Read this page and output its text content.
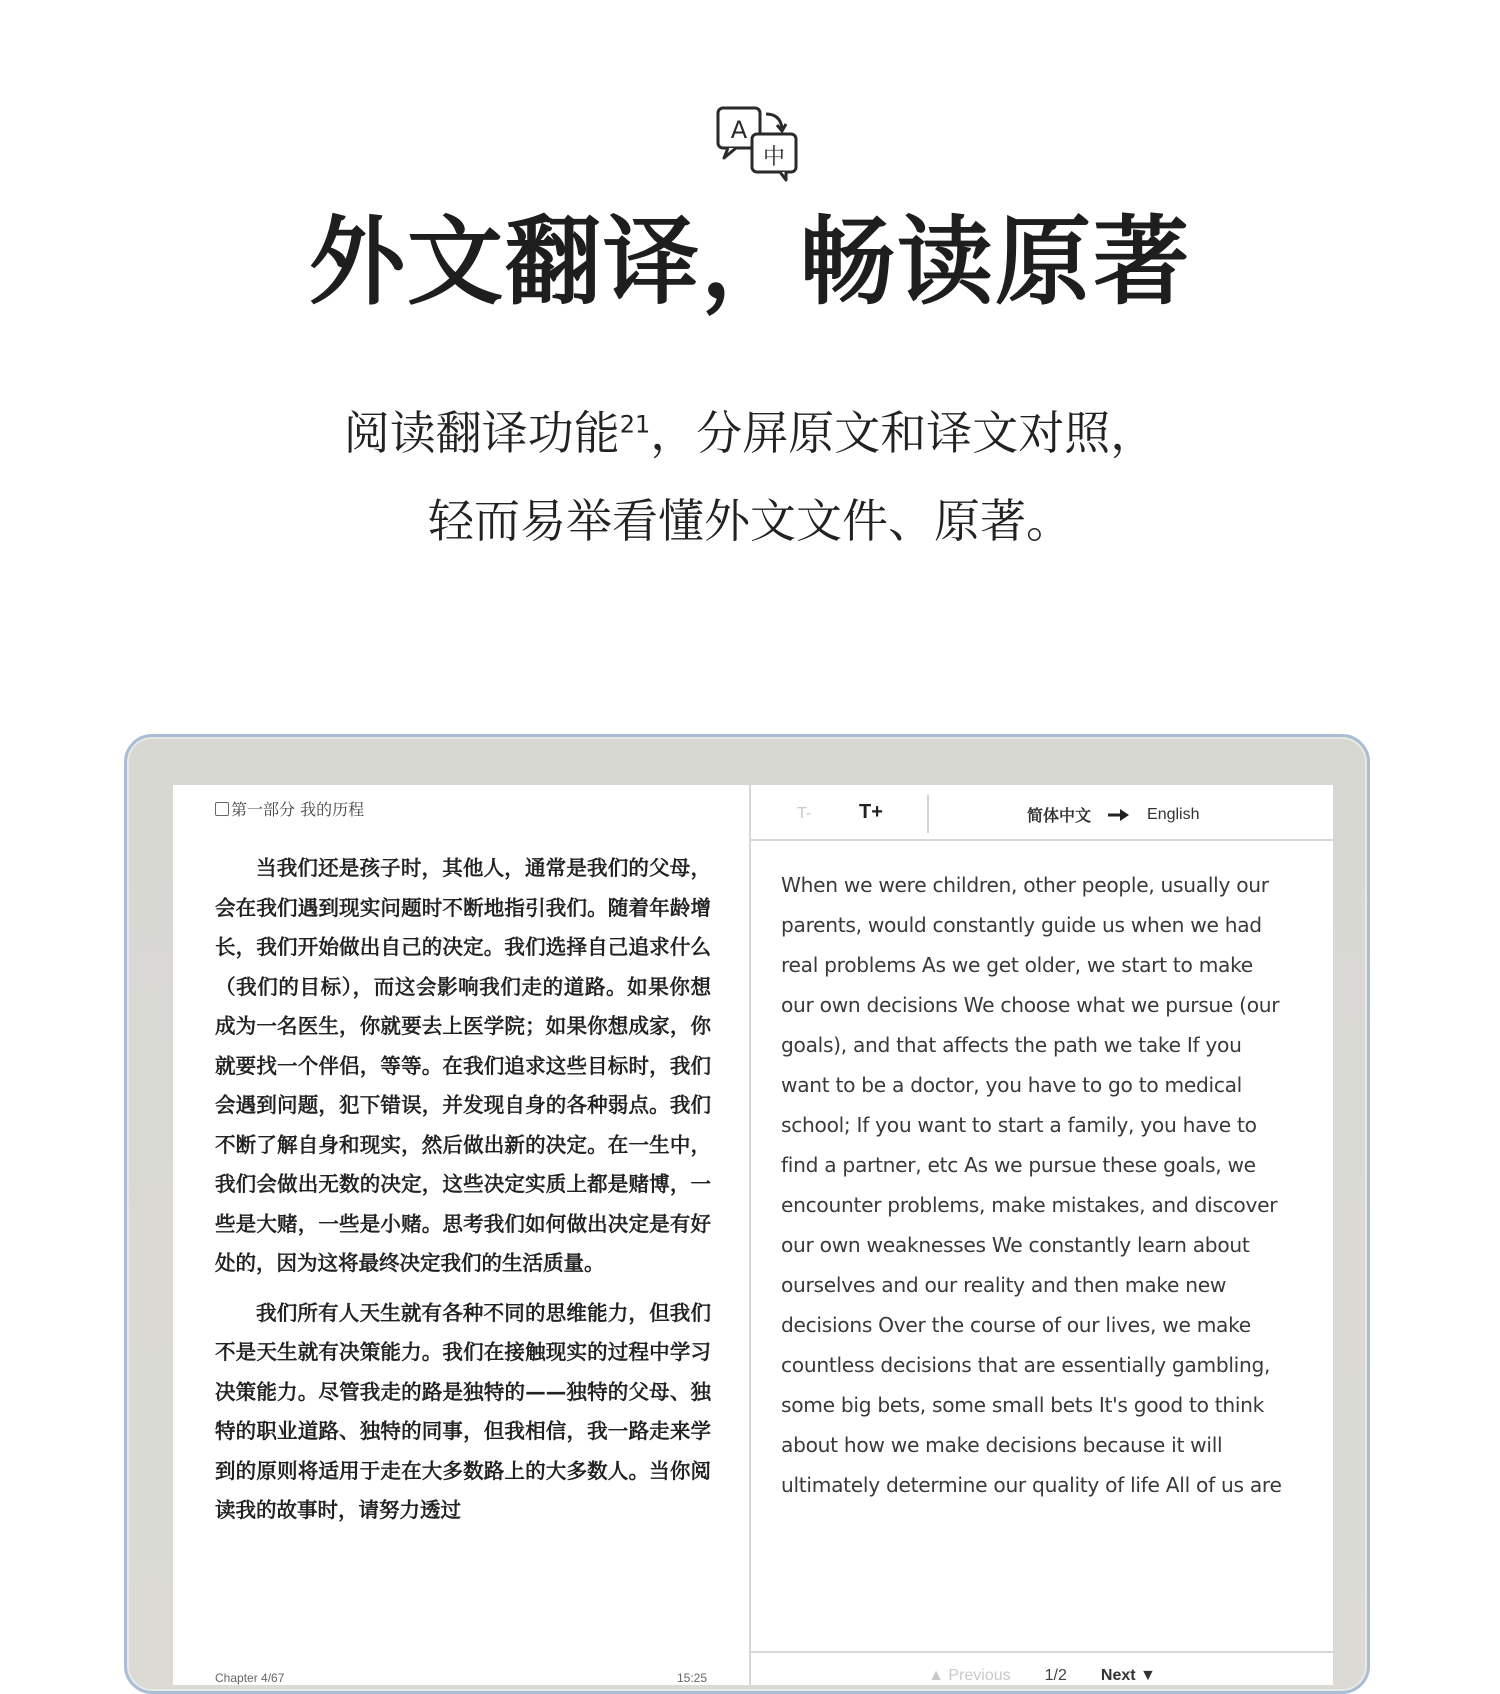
A
中
外文翻译，畅读原著
阅读翻译功能$^{21}$，分屏原文和译文对照，
轻而易举看懂外文文件、原著。
第一部分 我的历程

当我们还是孩子时，其他人，通常是我们的父母，会在我们遇到现实问题时不断地指引我们。随着年龄增长，我们开始做出自己的决定。我们选择自己追求什么（我们的目标），而这会影响我们走的道路。如果你想成为一名医生，你就要去上医学院；如果你想成家，你就要找一个伴侣，等等。在我们追求这些目标时，我们会遇到问题，犯下错误，并发现自身的各种弱点。我们不断了解自身和现实，然后做出新的决定。在一生中，我们会做出无数的决定，这些决定实质上都是赌博，一些是大赌，一些是小赌。思考我们如何做出决定是有好处的，因为这将最终决定我们的生活质量。

我们所有人天生就有各种不同的思维能力，但我们不是天生就有决策能力。我们在接触现实的过程中学习决策能力。尽管我走的路是独特的——独特的父母、独特的职业道路、独特的同事，但我相信，我一路走来学到的原则将适用于走在大多数路上的大多数人。当你阅读我的故事时，请努力透过

Chapter 4/67	15:25
T- T+	简体中文	English
When we were children, other people, usually our parents, would constantly guide us when we had real problems As we get older, we start to make our own decisions We choose what we pursue (our goals), and that affects the path we take If you want to be a doctor, you have to go to medical school; If you want to start a family, you have to find a partner, etc As we pursue these goals, we encounter problems, make mistakes, and discover our own weaknesses We constantly learn about ourselves and our reality and then make new decisions Over the course of our lives, we make countless decisions that are essentially gambling, some big bets, some small bets It's good to think about how we make decisions because it will ultimately determine our quality of life All of us are
▲ Previous 1/2 Next ▼
